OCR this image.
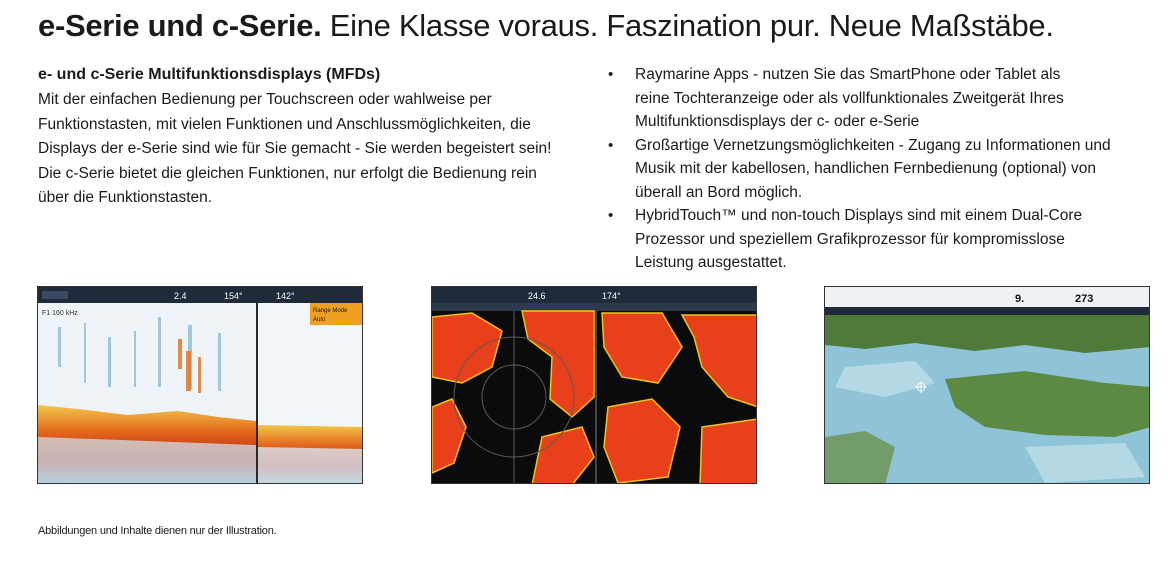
e-Serie und c-Serie. Eine Klasse voraus. Faszination pur. Neue Maßstäbe.

e- und c-Serie Multifunktionsdisplays (MFDs)

Mit der einfachen Bedienung per Touchscreen oder wahlweise per
Funktionstasten, mit vielen Funktionen und Anschlussmöglichkeiten, die
Displays der e-Serie sind wie für Sie gemacht - Sie werden begeistert sein!
Die c-Serie bietet die gleichen Funktionen, nur erfolgt die Bedienung rein
über die Funktionstasten.

• Raymarine Apps - nutzen Sie das SmartPhone oder Tablet als
reine Tochteranzeige oder als vollfunktionales Zweitgerät Ihres
Multifunktionsdisplays der c- oder e-Serie
• Großartige Vernetzungsmöglichkeiten - Zugang zu Informationen und
Musik mit der kabellosen, handlichen Fernbedienung (optional) von
überall an Bord möglich.
• HybridTouch™ und non-touch Displays sind mit einem Dual-Core
Prozessor und speziellem Grafikprozessor für kompromisslose
Leistung ausgestattet.
2.4	154°	142°
F1 160 kHz	Range Mode
Auto
24.6	174°	9.	273
Abbildungen und Inhalte dienen nur der Illustration.
